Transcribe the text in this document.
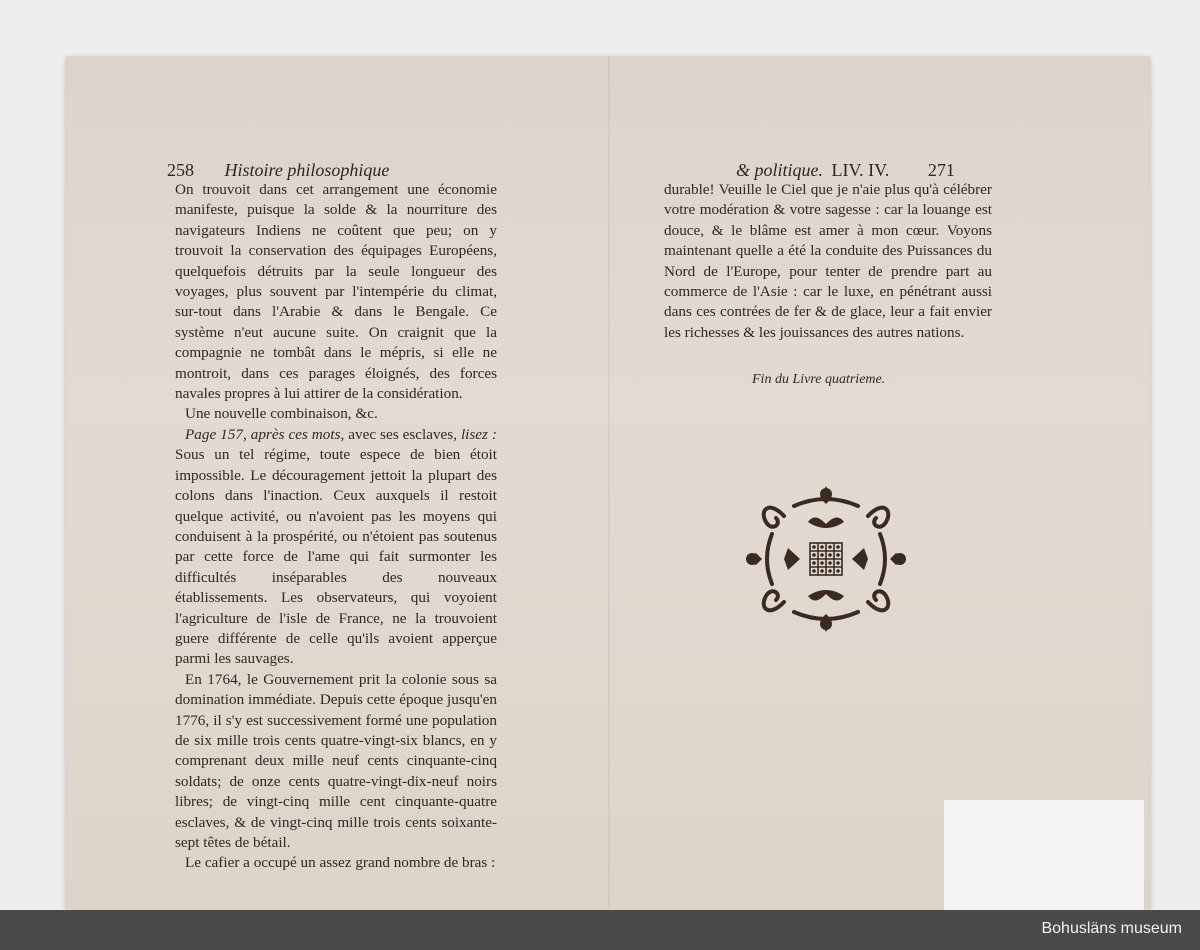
258 Histoire philosophique	& politique. LIV. IV. 271

On trouvoit dans cet arrangement une économie manifeste, puisque la solde & la nourriture des navigateurs Indiens ne coûtent que peu; on y trouvoit la conservation des équipages Européens, quelquefois détruits par la seule longueur des voyages, plus souvent par l'intempérie du climat, sur-tout dans l'Arabie & dans le Bengale. Ce système n'eut aucune suite. On craignit que la compagnie ne tombât dans le mépris, si elle ne montroit, dans ces parages éloignés, des forces navales propres à lui attirer de la considération.

Une nouvelle combinaison, &c.

Page 157, après ces mots, avec ses esclaves, lisez : Sous un tel régime, toute espece de bien étoit impossible. Le découragement jettoit la plupart des colons dans l'inaction. Ceux auxquels il restoit quelque activité, ou n'avoient pas les moyens qui conduisent à la prospérité, ou n'étoient pas soutenus par cette force de l'ame qui fait surmonter les difficultés inséparables des nouveaux établissements. Les observateurs, qui voyoient l'agriculture de l'isle de France, ne la trouvoient guere différente de celle qu'ils avoient apperçue parmi les sauvages.

En 1764, le Gouvernement prit la colonie sous sa domination immédiate. Depuis cette époque jusqu'en 1776, il s'y est successivement formé une population de six mille trois cents quatre-vingt-six blancs, en y comprenant deux mille neuf cents cinquante-cinq soldats; de onze cents quatre-vingt-dix-neuf noirs libres; de vingt-cinq mille cent cinquante-quatre esclaves, & de vingt-cinq mille trois cents soixante-sept têtes de bétail.

Le cafier a occupé un assez grand nombre de bras :

durable! Veuille le Ciel que je n'aie plus qu'à célébrer votre modération & votre sagesse : car la louange est douce, & le blâme est amer à mon cœur. Voyons maintenant quelle a été la conduite des Puissances du Nord de l'Europe, pour tenter de prendre part au commerce de l'Asie : car le luxe, en pénétrant aussi dans ces contrées de fer & de glace, leur a fait envier les richesses & les jouissances des autres nations.

Fin du Livre quatrieme.
Bohusläns museum
